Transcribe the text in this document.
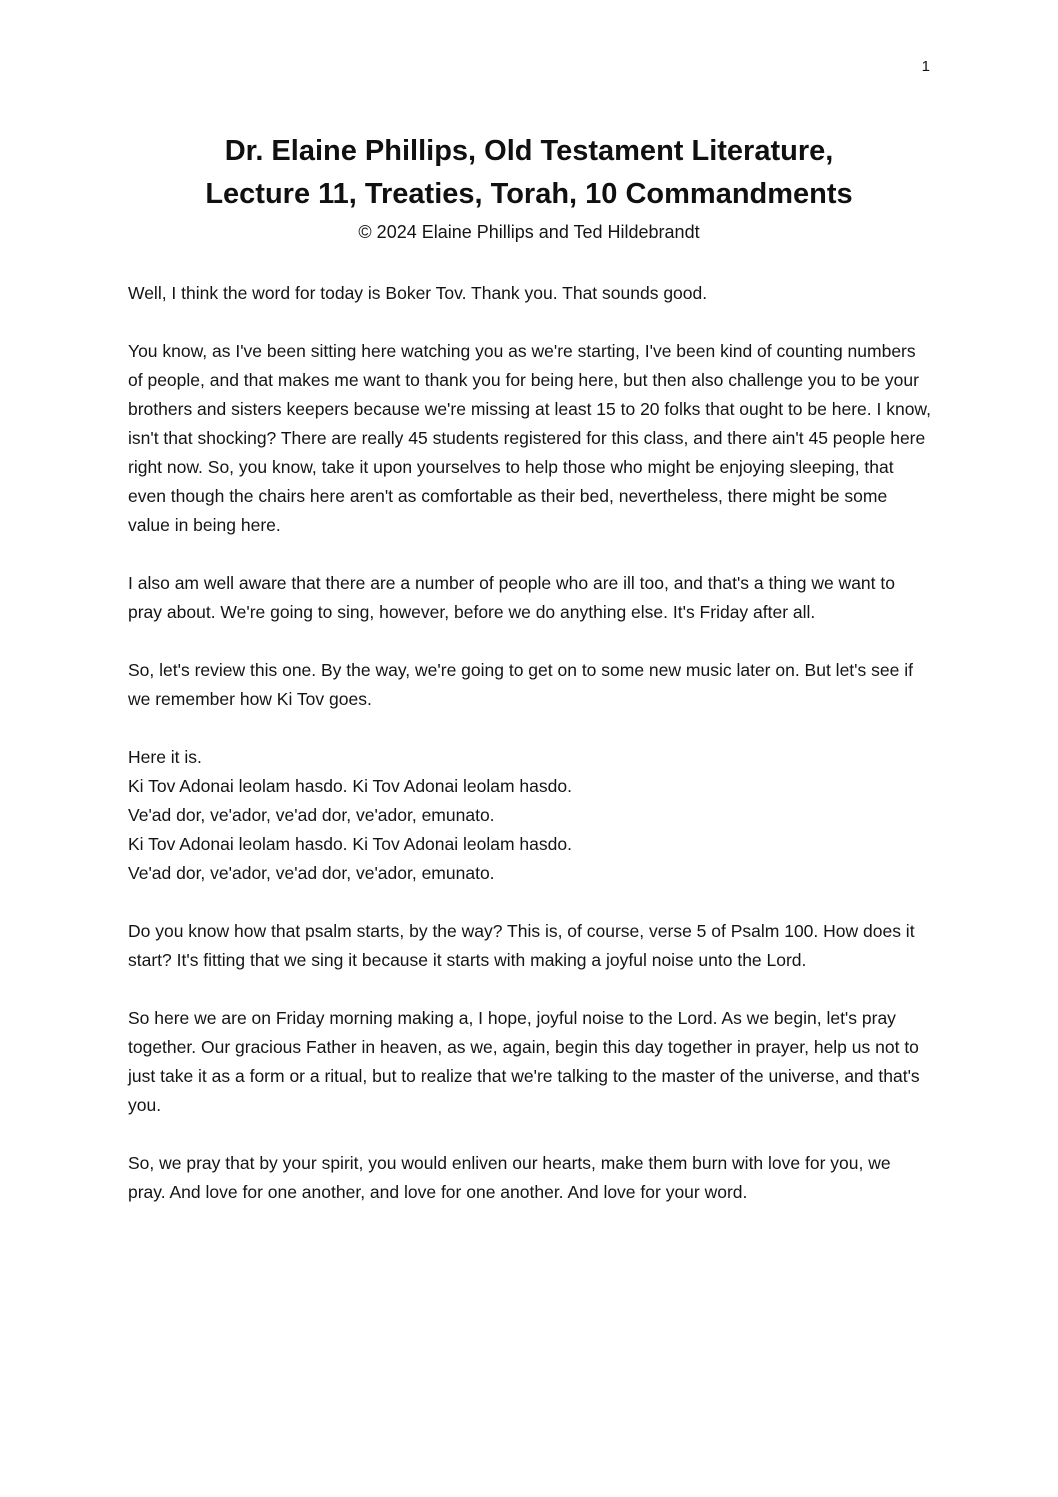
1
Dr. Elaine Phillips, Old Testament Literature,
Lecture 11, Treaties, Torah, 10 Commandments
© 2024 Elaine Phillips and Ted Hildebrandt

Well, I think the word for today is Boker Tov. Thank you. That sounds good.

You know, as I've been sitting here watching you as we're starting, I've been kind of counting numbers of people, and that makes me want to thank you for being here, but then also challenge you to be your brothers and sisters keepers because we're missing at least 15 to 20 folks that ought to be here. I know, isn't that shocking? There are really 45 students registered for this class, and there ain't 45 people here right now. So, you know, take it upon yourselves to help those who might be enjoying sleeping, that even though the chairs here aren't as comfortable as their bed, nevertheless, there might be some value in being here.

I also am well aware that there are a number of people who are ill too, and that's a thing we want to pray about. We're going to sing, however, before we do anything else. It's Friday after all.

So, let's review this one. By the way, we're going to get on to some new music later on. But let's see if we remember how Ki Tov goes.

Here it is.
Ki Tov Adonai leolam hasdo. Ki Tov Adonai leolam hasdo.
Ve'ad dor, ve'ador, ve'ad dor, ve'ador, emunato.
Ki Tov Adonai leolam hasdo. Ki Tov Adonai leolam hasdo.
Ve'ad dor, ve'ador, ve'ad dor, ve'ador, emunato.

Do you know how that psalm starts, by the way? This is, of course, verse 5 of Psalm 100. How does it start? It's fitting that we sing it because it starts with making a joyful noise unto the Lord.

So here we are on Friday morning making a, I hope, joyful noise to the Lord. As we begin, let's pray together. Our gracious Father in heaven, as we, again, begin this day together in prayer, help us not to just take it as a form or a ritual, but to realize that we're talking to the master of the universe, and that's you.

So, we pray that by your spirit, you would enliven our hearts, make them burn with love for you, we pray. And love for one another, and love for one another. And love for your word.
